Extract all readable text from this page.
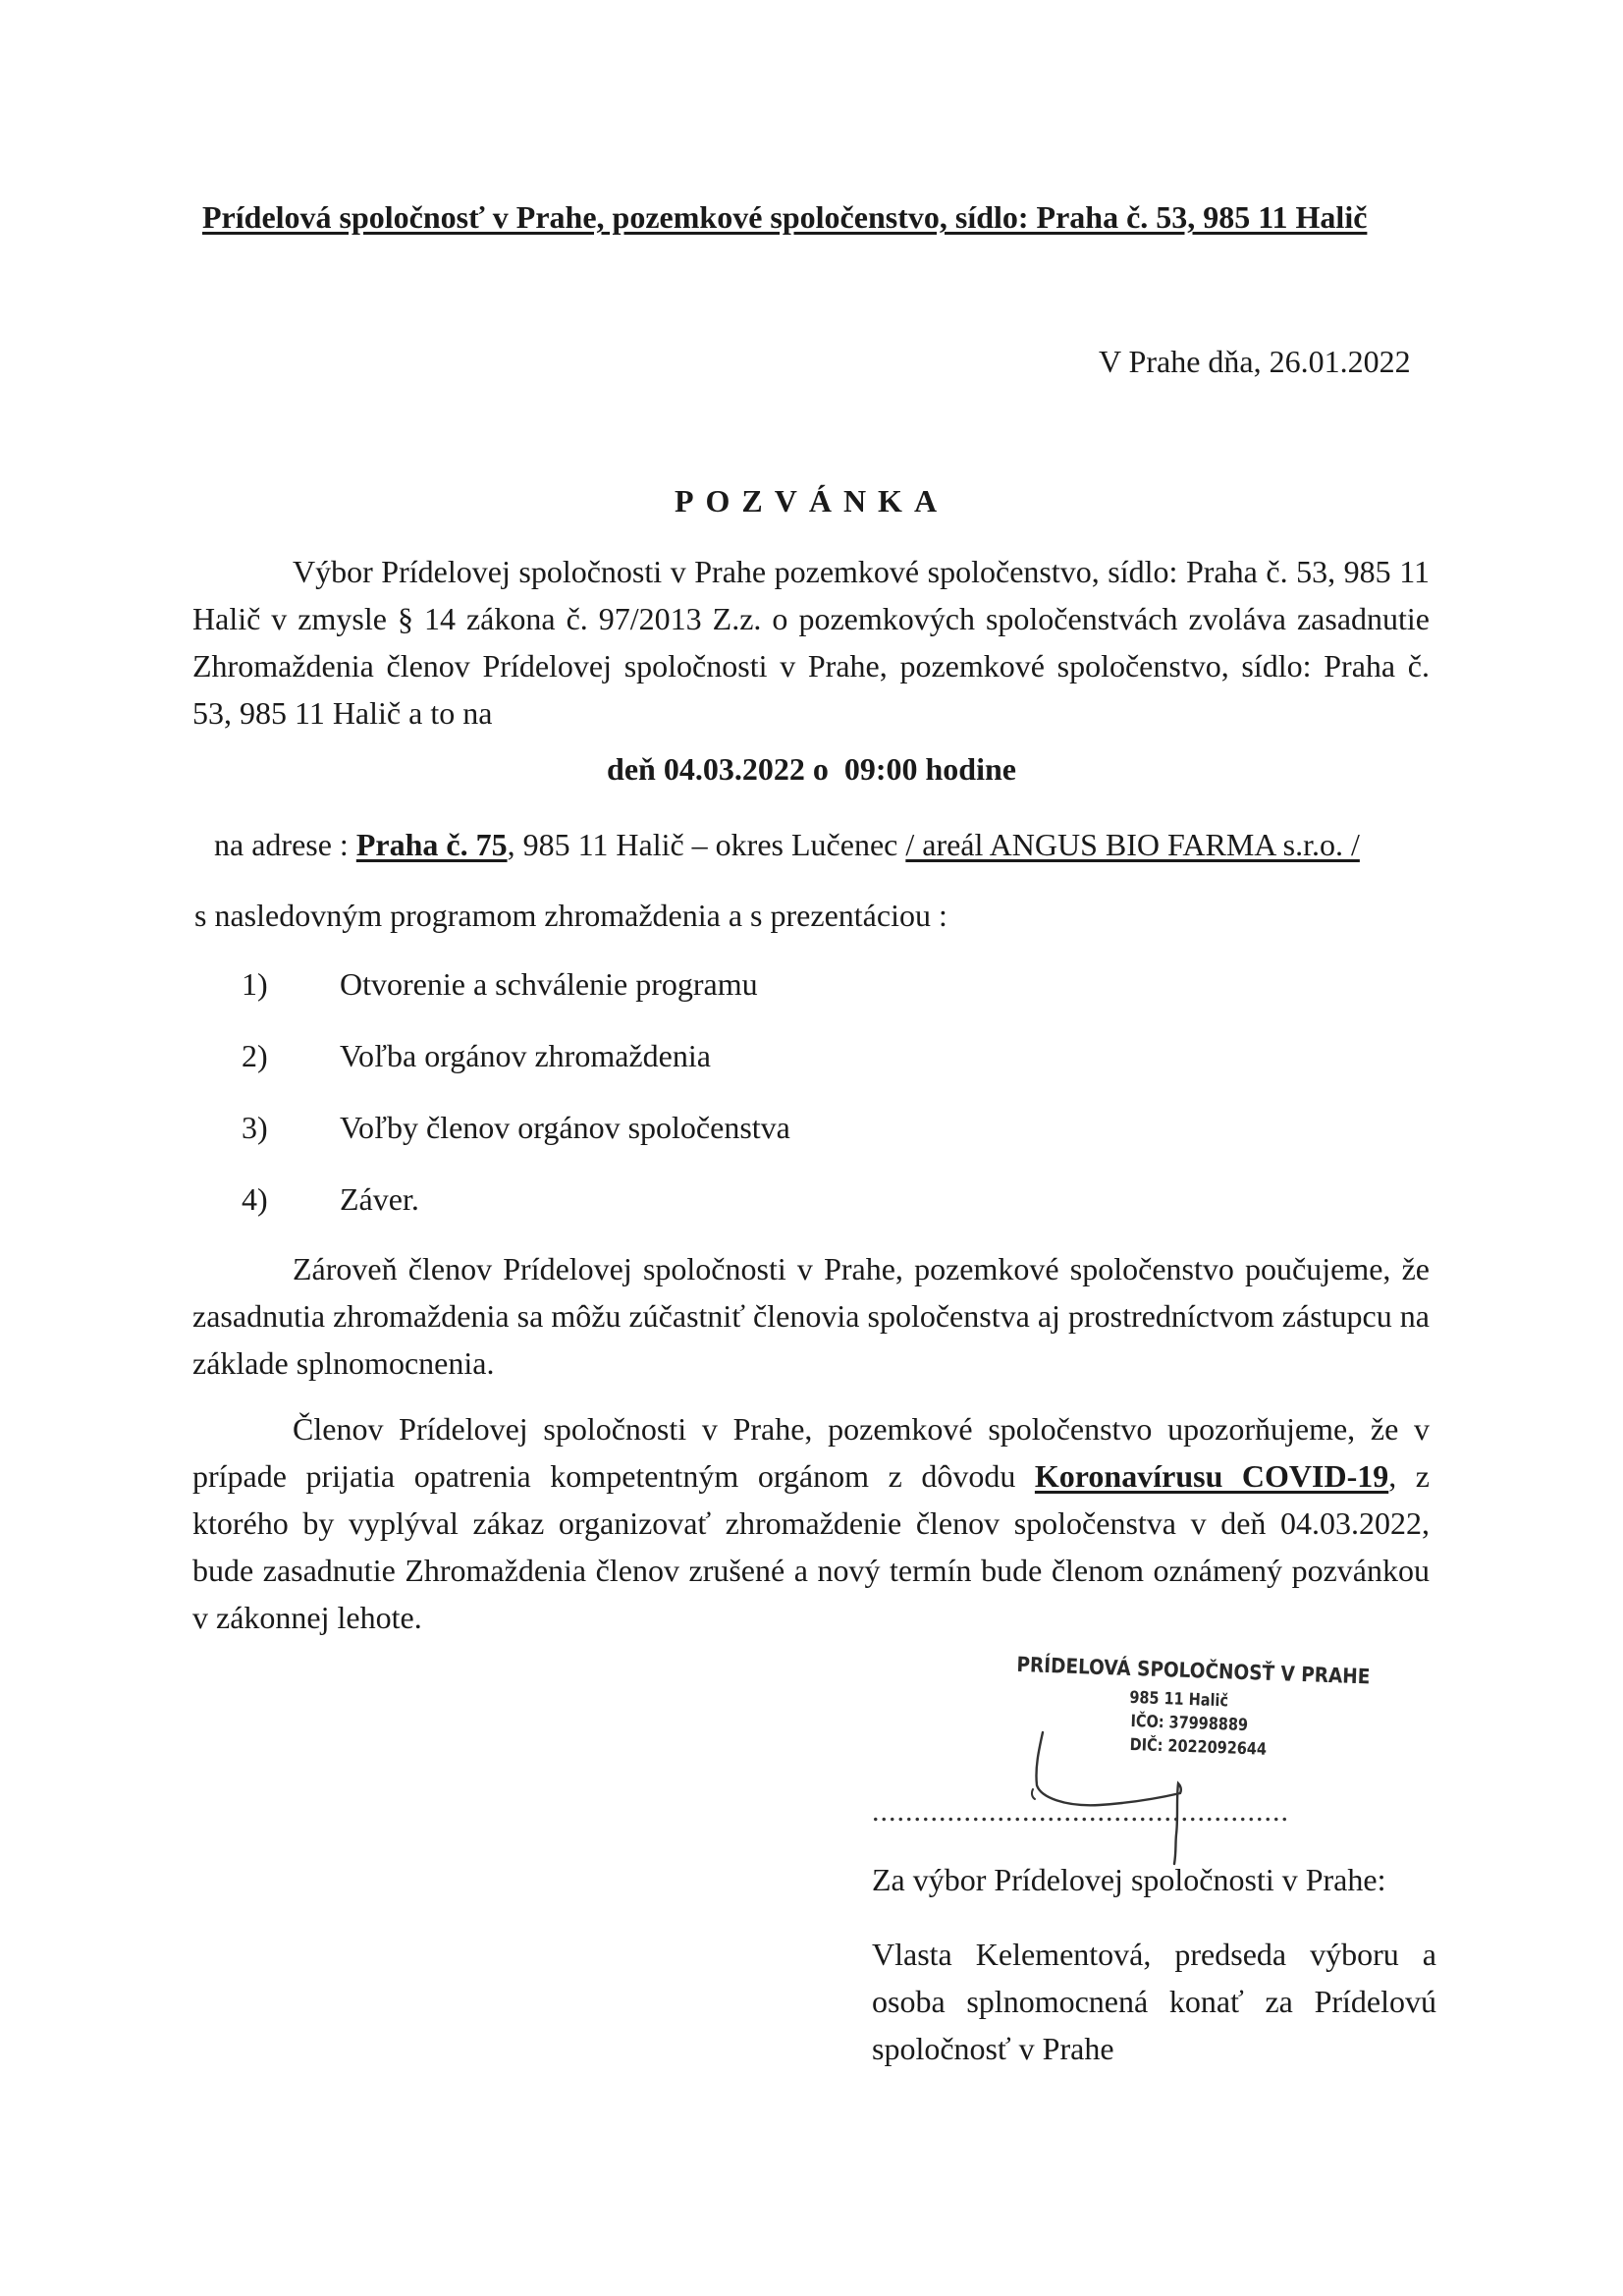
Prídelová spoločnosť v Prahe, pozemkové spoločenstvo, sídlo: Praha č. 53, 985 11 Halič
V Prahe dňa, 26.01.2022
POZVÁNKA
Výbor Prídelovej spoločnosti v Prahe pozemkové spoločenstvo, sídlo: Praha č. 53, 985 11 Halič v zmysle § 14 zákona č. 97/2013 Z.z. o pozemkových spoločenstvách zvoláva zasadnutie Zhromaždenia členov Prídelovej spoločnosti v Prahe, pozemkové spoločenstvo, sídlo: Praha č. 53, 985 11 Halič a to na
deň 04.03.2022 o  09:00 hodine
na adrese : Praha č. 75, 985 11 Halič – okres Lučenec / areál ANGUS BIO FARMA s.r.o. /
s nasledovným programom zhromaždenia a s prezentáciou :
1)	Otvorenie a schválenie programu
2)	Voľba orgánov zhromaždenia
3)	Voľby členov orgánov spoločenstva
4)	Záver.
Zároveň členov Prídelovej spoločnosti v Prahe, pozemkové spoločenstvo poučujeme, že zasadnutia zhromaždenia sa môžu zúčastniť členovia spoločenstva aj prostredníctvom zástupcu na základe splnomocnenia.
Členov Prídelovej spoločnosti v Prahe, pozemkové spoločenstvo upozorňujeme, že v prípade prijatia opatrenia kompetentným orgánom z dôvodu Koronavírusu COVID-19, z ktorého by vyplýval zákaz organizovať zhromaždenie členov spoločenstva v deň 04.03.2022, bude zasadnutie Zhromaždenia členov zrušené a nový termín bude členom oznámený pozvánkou v zákonnej lehote.
PRÍDELOVÁ SPOLOČNOSŤ V PRAHE
985 11 Halič
IČO: 37998889
DIČ: 2022092644
..................................................
Za výbor Prídelovej spoločnosti v Prahe:
Vlasta Kelementová, predseda výboru a osoba splnomocnená konať za Prídelovú spoločnosť v Prahe
